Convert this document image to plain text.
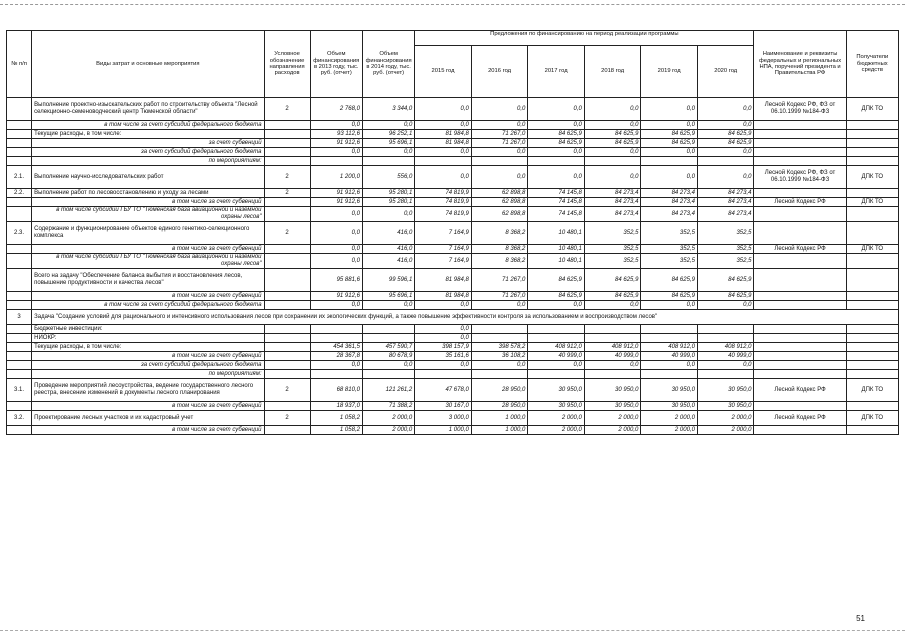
№ п/п	Виды затрат и основные мероприятия	Условное обозначение направления расходов	Объем финансирования в 2013 году, тыс. руб. (отчет)	Объем финансирования в 2014 году, тыс. руб. (отчет)	Предложения по финансированию на период реализации программы						Наименование и реквизиты федеральных и региональных НПА, поручений президента и Правительства РФ	Получатели бюджетных средств
					2015 год	2016 год	2017 год	2018 год	2019 год	2020 год		
	Выполнение проектно-изыскательских работ по строительству объекта "Лесной селекционно-семеноводческий центр Тюменской области"	2	2 768,0	3 344,0	0,0	0,0	0,0	0,0	0,0	0,0	Лесной Кодекс РФ, ФЗ от 06.10.1999 №184-ФЗ	ДПК ТО
	в том числе за счет субсидий федерального бюджета		0,0	0,0	0,0	0,0	0,0	0,0	0,0	0,0		
	Текущие расходы, в том числе:		93 112,6	96 252,1	81 984,8	71 267,0	84 625,9	84 625,9	84 625,9	84 625,9		
	за счет субвенций		91 912,6	95 696,1	81 984,8	71 267,0	84 625,9	84 625,9	84 625,9	84 625,9		
	за счет субсидий федерального бюджета		0,0	0,0	0,0	0,0	0,0	0,0	0,0	0,0		
	по мероприятиям:											
2.1.	Выполнение научно-исследовательских работ	2	1 200,0	556,0	0,0	0,0	0,0	0,0	0,0	0,0	Лесной Кодекс РФ, ФЗ от 06.10.1999 №184-ФЗ	ДПК ТО
2.2.	Выполнение работ по лесовосстановлению и уходу за лесами	2	91 912,6	95 280,1	74 819,9	62 898,8	74 145,8	84 273,4	84 273,4	84 273,4		
	в том числе за счет субвенций		91 912,6	95 280,1	74 819,9	62 898,8	74 145,8	84 273,4	84 273,4	84 273,4	Лесной Кодекс РФ	ДПК ТО
	в том числе субсидии ГБУ ТО "Тюменская база авиационной и наземной охраны лесов"		0,0	0,0	74 819,9	62 898,8	74 145,8	84 273,4	84 273,4	84 273,4		
2.3.	Содержание и функционирование объектов единого генетико-селекционного комплекса	2	0,0	416,0	7 164,9	8 368,2	10 480,1	352,5	352,5	352,5		
	в том числе за счет субвенций		0,0	416,0	7 164,9	8 368,2	10 480,1	352,5	352,5	352,5	Лесной Кодекс РФ	ДПК ТО
	в том числе субсидии ГБУ ТО "Тюменская база авиационной и наземной охраны лесов"		0,0	416,0	7 164,9	8 368,2	10 480,1	352,5	352,5	352,5		
	Всего на задачу "Обеспечение баланса выбытия и восстановления лесов, повышение продуктивности и качества лесов"		95 881,6	99 596,1	81 984,8	71 267,0	84 625,9	84 625,9	84 625,9	84 625,9		
	в том числе за счет субвенций		91 912,6	95 696,1	81 984,8	71 267,0	84 625,9	84 625,9	84 625,9	84 625,9		
	в том числе за счет субсидий федерального бюджета		0,0	0,0	0,0	0,0	0,0	0,0	0,0	0,0		
3	Задача "Создание условий для рационального и интенсивного использования лесов при сохранении их экологических функций, а также повышение эффективности контроля за использованием и воспроизводством лесов"											
	Бюджетные инвестиции:				0,0							
	НИОКР:				0,0							
	Текущие расходы, в том числе:		454 361,5	457 590,7	398 157,9	398 578,2	408 912,0	408 912,0	408 912,0	408 912,0		
	в том числе за счет субвенций		28 367,8	80 678,9	35 161,6	36 108,2	40 999,0	40 999,0	40 999,0	40 999,0		
	за счет субсидий федерального бюджета		0,0	0,0	0,0	0,0	0,0	0,0	0,0	0,0		
	по мероприятиям:											
3.1.	Проведение мероприятий лесоустройства, ведение государственного лесного реестра, внесение изменений в документы лесного планирования	2	68 810,0	121 261,2	47 678,0	28 950,0	30 950,0	30 950,0	30 950,0	30 950,0	Лесной Кодекс РФ	ДПК ТО
	в том числе за счет субвенций		18 937,0	71 388,2	30 167,0	28 950,0	30 950,0	30 950,0	30 950,0	30 950,0		
3.2.	Проектирование лесных участков и их кадастровый учет	2	1 058,2	2 000,0	3 000,0	1 000,0	2 000,0	2 000,0	2 000,0	2 000,0	Лесной Кодекс РФ	ДПК ТО
	в том числе за счет субвенций		1 058,2	2 000,0	1 000,0	1 000,0	2 000,0	2 000,0	2 000,0	2 000,0		
51
